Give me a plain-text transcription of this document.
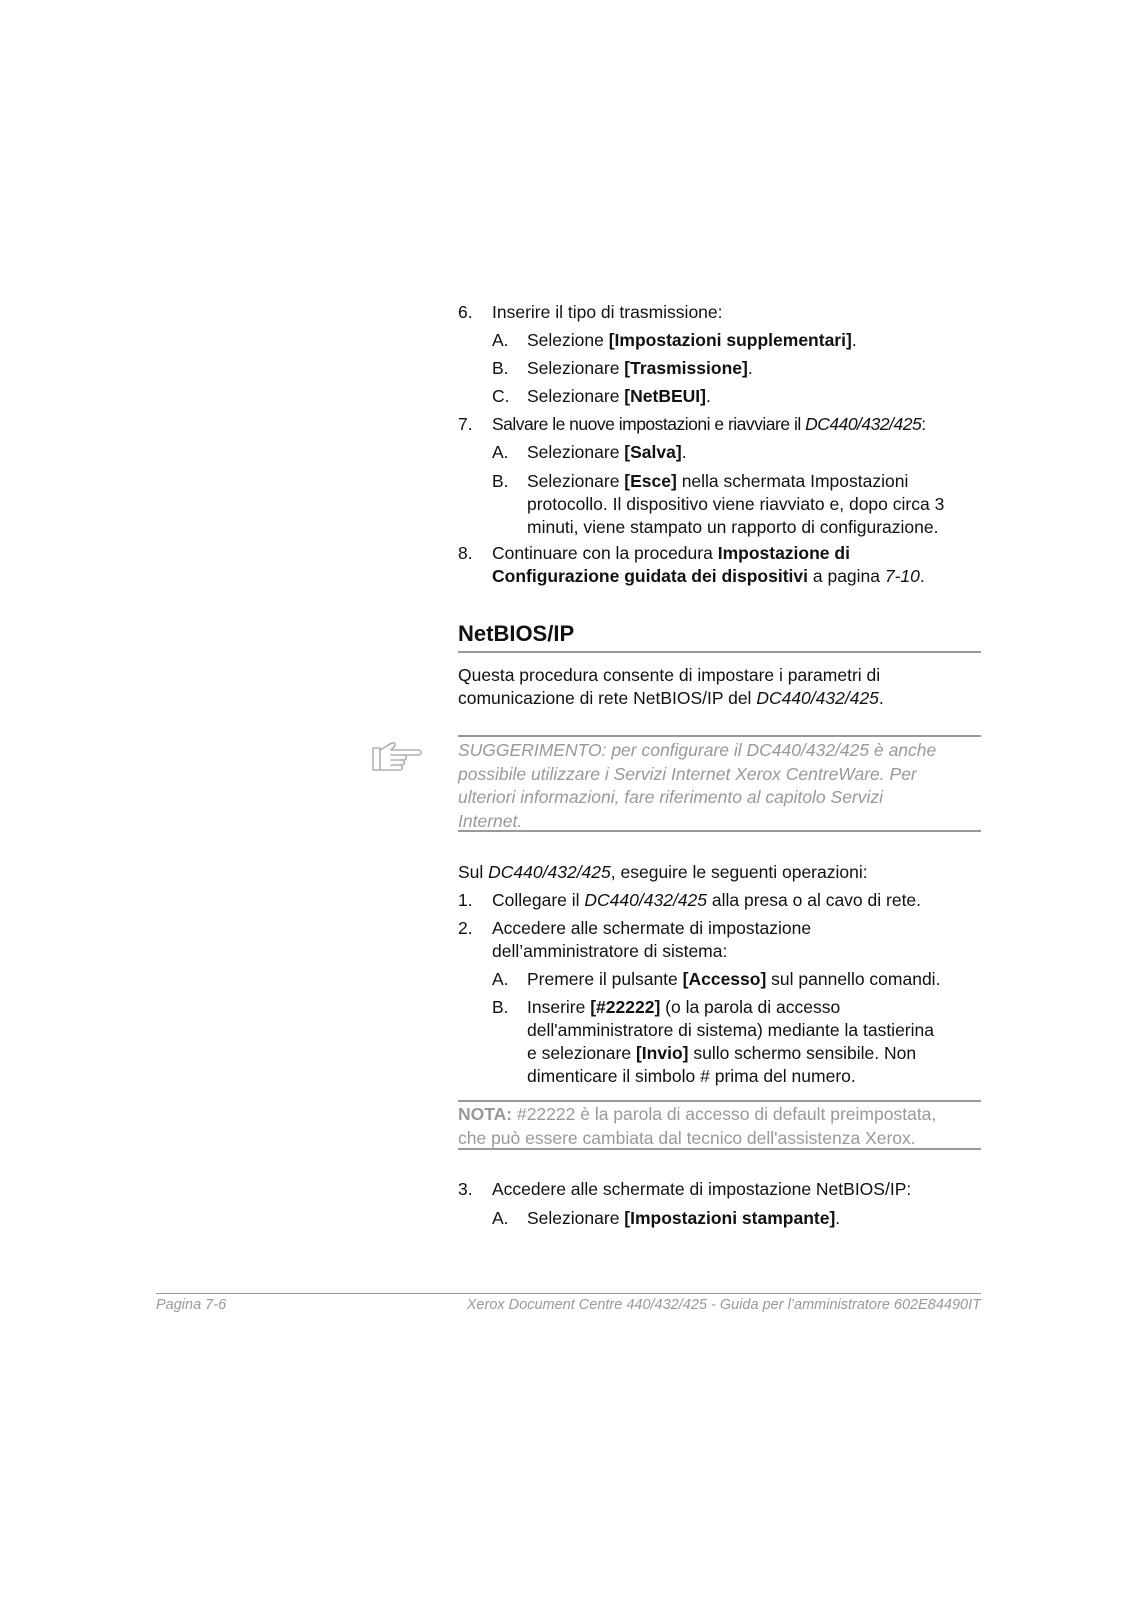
6. Inserire il tipo di trasmissione:
A. Selezione [Impostazioni supplementari].
B. Selezionare [Trasmissione].
C. Selezionare [NetBEUI].
7. Salvare le nuove impostazioni e riavviare il DC440/432/425:
A. Selezionare [Salva].
B. Selezionare [Esce] nella schermata Impostazioni
protocollo. Il dispositivo viene riavviato e, dopo circa 3
minuti, viene stampato un rapporto di configurazione.
8. Continuare con la procedura Impostazione di
Configurazione guidata dei dispositivi a pagina 7-10.
NetBIOS/IP
Questa procedura consente di impostare i parametri di
comunicazione di rete NetBIOS/IP del DC440/432/425.
SUGGERIMENTO: per configurare il DC440/432/425 è anche
possibile utilizzare i Servizi Internet Xerox CentreWare. Per
ulteriori informazioni, fare riferimento al capitolo Servizi
Internet.
Sul DC440/432/425, eseguire le seguenti operazioni:
1. Collegare il DC440/432/425 alla presa o al cavo di rete.
2. Accedere alle schermate di impostazione
dell’amministratore di sistema:
A. Premere il pulsante [Accesso] sul pannello comandi.
B. Inserire [#22222] (o la parola di accesso
dell'amministratore di sistema) mediante la tastierina
e selezionare [Invio] sullo schermo sensibile. Non
dimenticare il simbolo # prima del numero.
NOTA: #22222 è la parola di accesso di default preimpostata,
che può essere cambiata dal tecnico dell'assistenza Xerox.
3. Accedere alle schermate di impostazione NetBIOS/IP:
A. Selezionare [Impostazioni stampante].
Pagina 7-6	Xerox Document Centre 440/432/425 - Guida per l’amministratore 602E84490IT
